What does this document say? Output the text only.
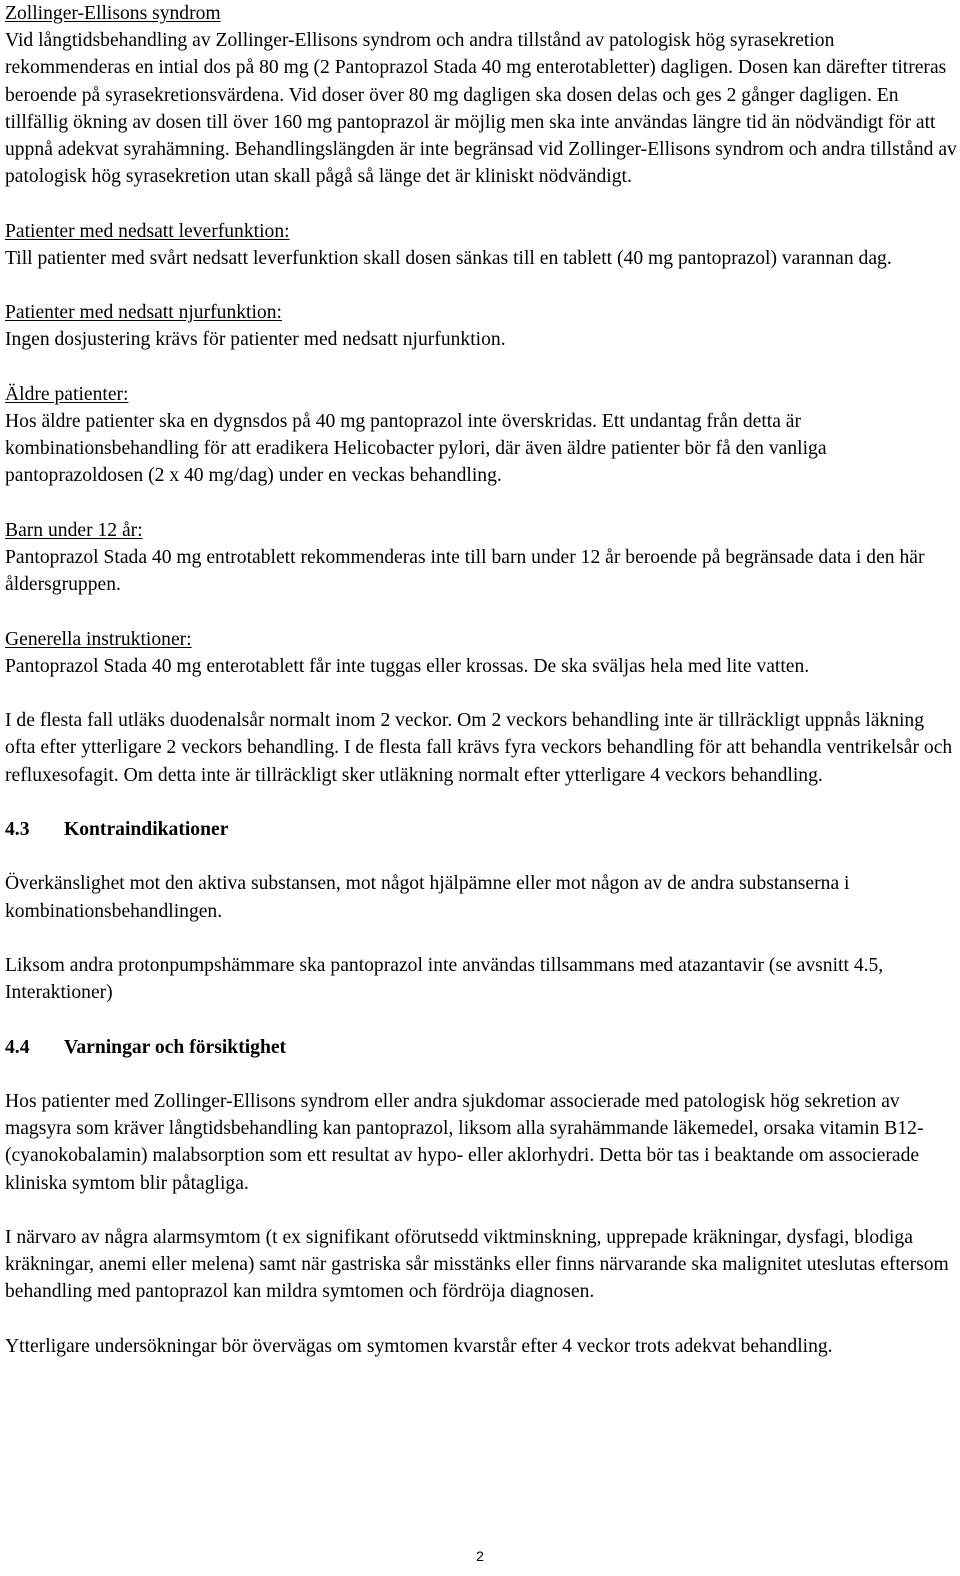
Zollinger-Ellisons syndrom

Vid långtidsbehandling av Zollinger-Ellisons syndrom och andra tillstånd av patologisk hög syrasekretion rekommenderas en intial dos på 80 mg (2 Pantoprazol Stada 40 mg enterotabletter) dagligen. Dosen kan därefter titreras beroende på syrasekretionsvärdena. Vid doser över 80 mg dagligen ska dosen delas och ges 2 gånger dagligen. En tillfällig ökning av dosen till över 160 mg pantoprazol är möjlig men ska inte användas längre tid än nödvändigt för att uppnå adekvat syrahämning. Behandlingslängden är inte begränsad vid Zollinger-Ellisons syndrom och andra tillstånd av patologisk hög syrasekretion utan skall pågå så länge det är kliniskt nödvändigt.

Patienter med nedsatt leverfunktion:

Till patienter med svårt nedsatt leverfunktion skall dosen sänkas till en tablett (40 mg pantoprazol) varannan dag.

Patienter med nedsatt njurfunktion:

Ingen dosjustering krävs för patienter med nedsatt njurfunktion.

Äldre patienter:

Hos äldre patienter ska en dygnsdos på 40 mg pantoprazol inte överskridas. Ett undantag från detta är kombinationsbehandling för att eradikera Helicobacter pylori, där även äldre patienter bör få den vanliga pantoprazoldosen (2 x 40 mg/dag) under en veckas behandling.

Barn under 12 år:

Pantoprazol Stada 40 mg entrotablett rekommenderas inte till barn under 12 år beroende på begränsade data i den här åldersgruppen.

Generella instruktioner:

Pantoprazol Stada 40 mg enterotablett får inte tuggas eller krossas. De ska sväljas hela med lite vatten.

I de flesta fall utläks duodenalsår normalt inom 2 veckor. Om 2 veckors behandling inte är tillräckligt uppnås läkning ofta efter ytterligare 2 veckors behandling. I de flesta fall krävs fyra veckors behandling för att behandla ventrikelsår och refluxesofagit. Om detta inte är tillräckligt sker utläkning normalt efter ytterligare 4 veckors behandling.

4.3 Kontraindikationer

Överkänslighet mot den aktiva substansen, mot något hjälpämne eller mot någon av de andra substanserna i kombinationsbehandlingen.

Liksom andra protonpumpshämmare ska pantoprazol inte användas tillsammans med atazantavir (se avsnitt 4.5, Interaktioner)

4.4 Varningar och försiktighet

Hos patienter med Zollinger-Ellisons syndrom eller andra sjukdomar associerade med patologisk hög sekretion av magsyra som kräver långtidsbehandling kan pantoprazol, liksom alla syrahämmande läkemedel, orsaka vitamin B12-(cyanokobalamin) malabsorption som ett resultat av hypo- eller aklorhydri. Detta bör tas i beaktande om associerade kliniska symtom blir påtagliga.

I närvaro av några alarmsymtom (t ex signifikant oförutsedd viktminskning, upprepade kräkningar, dysfagi, blodiga kräkningar, anemi eller melena) samt när gastriska sår misstänks eller finns närvarande ska malignitet uteslutas eftersom behandling med pantoprazol kan mildra symtomen och fördröja diagnosen.

Ytterligare undersökningar bör övervägas om symtomen kvarstår efter 4 veckor trots adekvat behandling.

2
